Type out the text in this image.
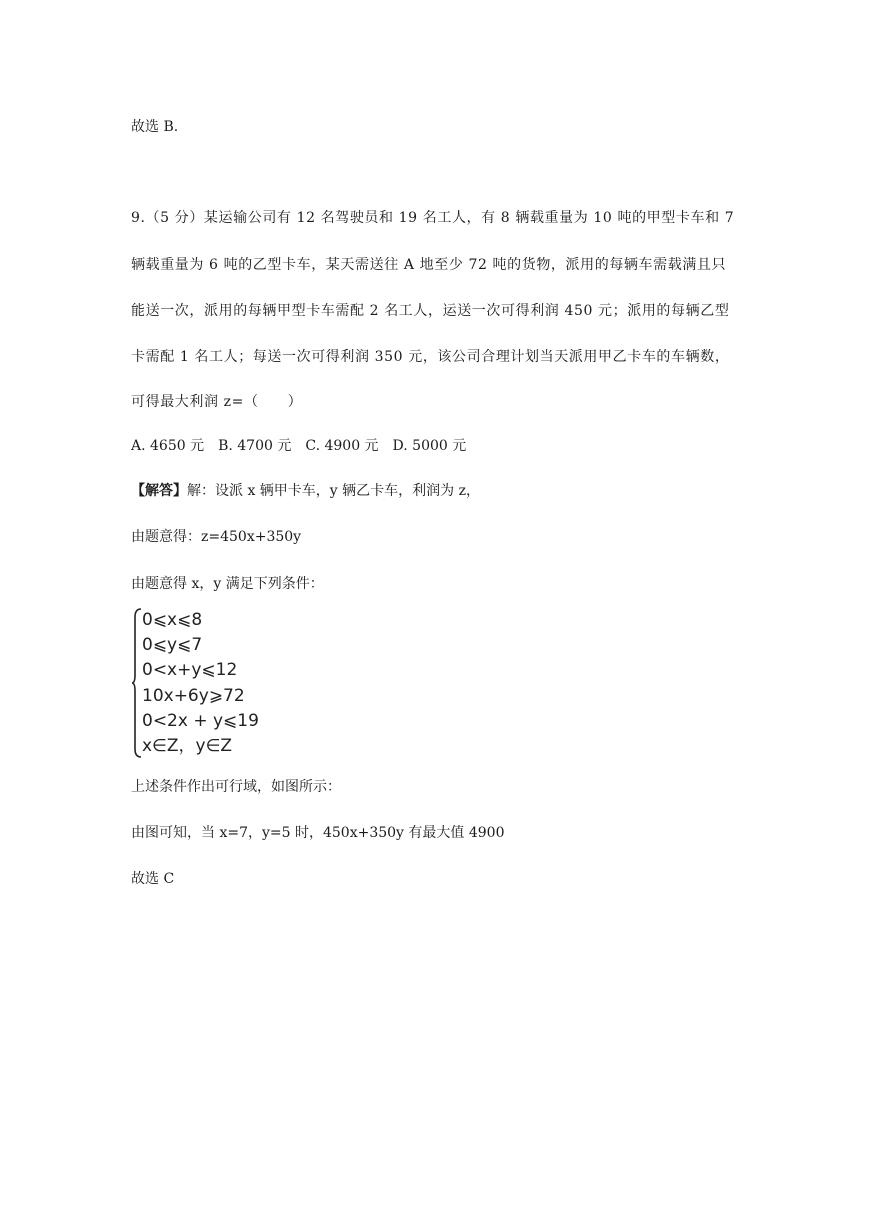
故选 B.
9.（5 分）某运输公司有 12 名驾驶员和 19 名工人，有 8 辆载重量为 10 吨的甲型卡车和 7
辆载重量为 6 吨的乙型卡车，某天需送往 A 地至少 72 吨的货物，派用的每辆车需载满且只
能送一次，派用的每辆甲型卡车需配 2 名工人，运送一次可得利润 450 元；派用的每辆乙型
卡需配 1 名工人；每送一次可得利润 350 元，该公司合理计划当天派用甲乙卡车的车辆数，
可得最大利润 z=（　　）
A. 4650 元　B. 4700 元　C. 4900 元　D. 5000 元
【解答】解：设派 x 辆甲卡车，y 辆乙卡车，利润为 z，
由题意得：z=450x+350y
由题意得 x，y 满足下列条件：
0⩽x⩽8
0⩽y⩽7
0<x+y⩽12
10x+6y⩾72
0<2x + y⩽19
x∈Z，y∈Z
上述条件作出可行域，如图所示：
由图可知，当 x=7，y=5 时，450x+350y 有最大值 4900
故选 C
